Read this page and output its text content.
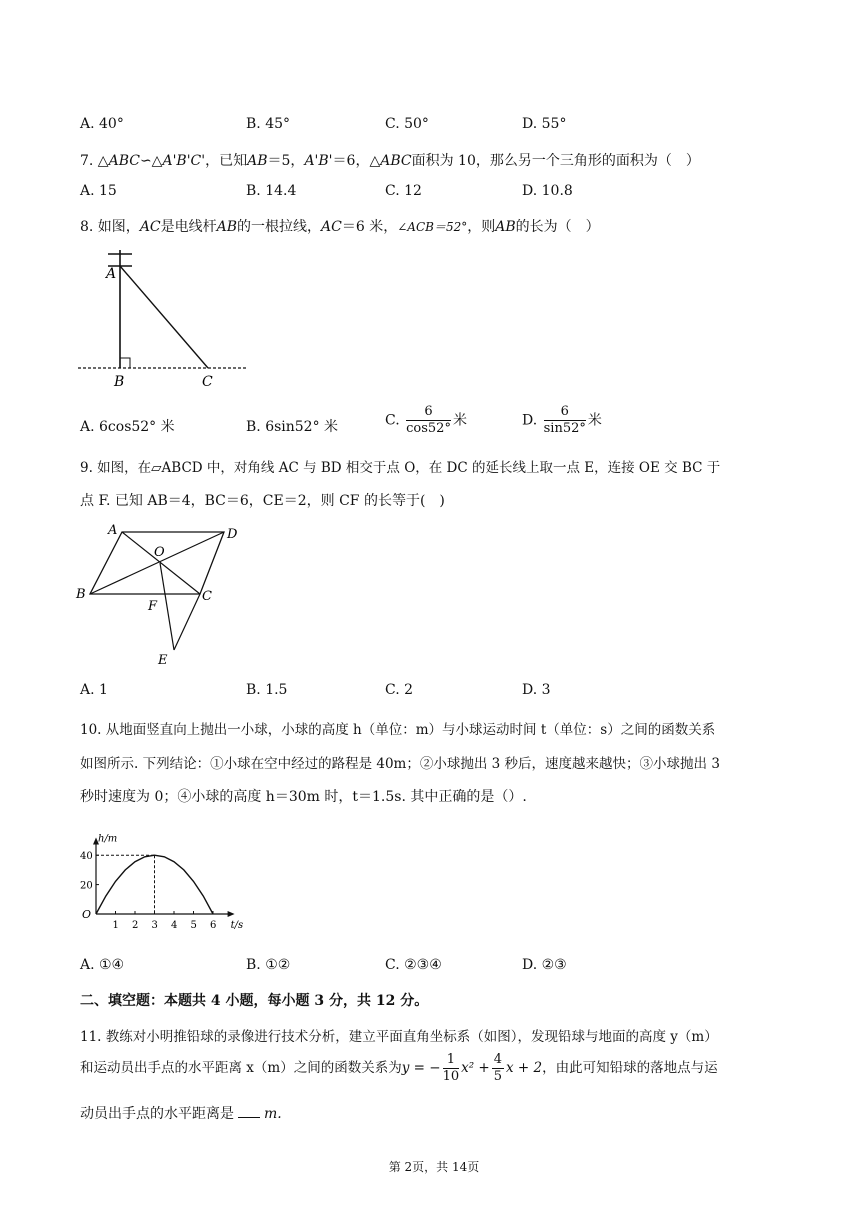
A. 40°	B. 45°	C. 50°	D. 55°
7. △ABC∽△A'B'C'，已知AB＝5，A'B'＝6，△ABC面积为 10，那么另一个三角形的面积为（　）
A. 15	B. 14.4	C. 12	D. 10.8
8. 如图，AC是电线杆AB的一根拉线，AC＝6 米，∠ACB＝52°，则AB的长为（　）
A
B	C
A. 6cos52° 米	B. 6sin52° 米	C. $\frac{6}{\cos 52^\circ}$ 米	D. $\frac{6}{\sin 52^\circ}$ 米
9. 如图，在▱ABCD 中，对角线 AC 与 BD 相交于点 O，在 DC 的延长线上取一点 E，连接 OE 交 BC 于
点 F. 已知 AB＝4，BC＝6，CE＝2，则 CF 的长等于(　)
A	D
B	C
O
F
E
A. 1	B. 1.5	C. 2	D. 3
10. 从地面竖直向上抛出一小球，小球的高度 h（单位：m）与小球运动时间 t（单位：s）之间的函数关系
如图所示. 下列结论：①小球在空中经过的路程是 40m；②小球抛出 3 秒后，速度越来越快；③小球抛出 3
秒时速度为 0；④小球的高度 h＝30m 时，t＝1.5s. 其中正确的是（）.
h/m
t/s
O
1 2 3 4 5 6
20
40
A. ①④	B. ①②	C. ②③④	D. ②③
二、填空题：本题共 4 小题，每小题 3 分，共 12 分。
11. 教练对小明推铅球的录像进行技术分析，建立平面直角坐标系（如图），发现铅球与地面的高度 y（m）
和运动员出手点的水平距离 x（m）之间的函数关系为y = − $\frac{1}{10} x^2 + \frac{4}{5}$ x + 2，由此可知铅球的落地点与运
动员出手点的水平距离是 m.
第 2页，共 14页
